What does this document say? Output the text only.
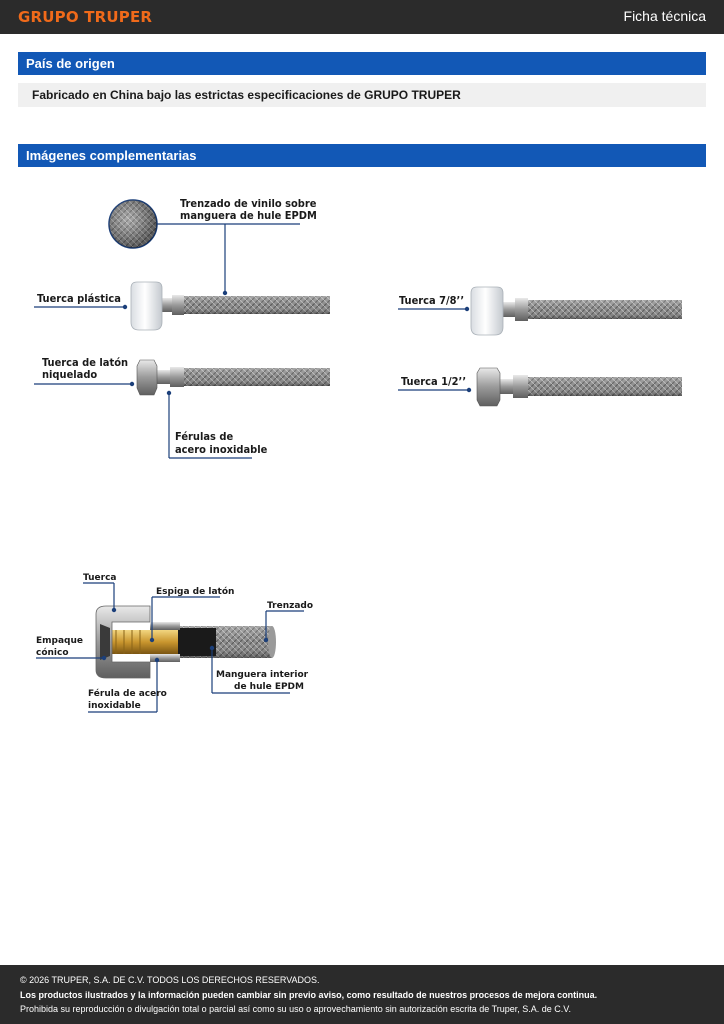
GRUPO TRUPER	Ficha técnica
País de origen
Fabricado en China bajo las estrictas especificaciones de GRUPO TRUPER
Imágenes complementarias
Trenzado de vinilo sobre
manguera de hule EPDM
Tuerca plástica
Tuerca de latón
niquelado
Férulas de
acero inoxidable
Tuerca 7/8’’
Tuerca 1/2’’
Tuerca
Espiga de latón
Trenzado
Empaque
cónico
Manguera interior
de hule EPDM
Férula de acero
inoxidable
© 2026 TRUPER, S.A. DE C.V. TODOS LOS DERECHOS RESERVADOS.
Los productos ilustrados y la información pueden cambiar sin previo aviso, como resultado de nuestros procesos de mejora continua.
Prohibida su reproducción o divulgación total o parcial así como su uso o aprovechamiento sin autorización escrita de Truper, S.A. de C.V.
